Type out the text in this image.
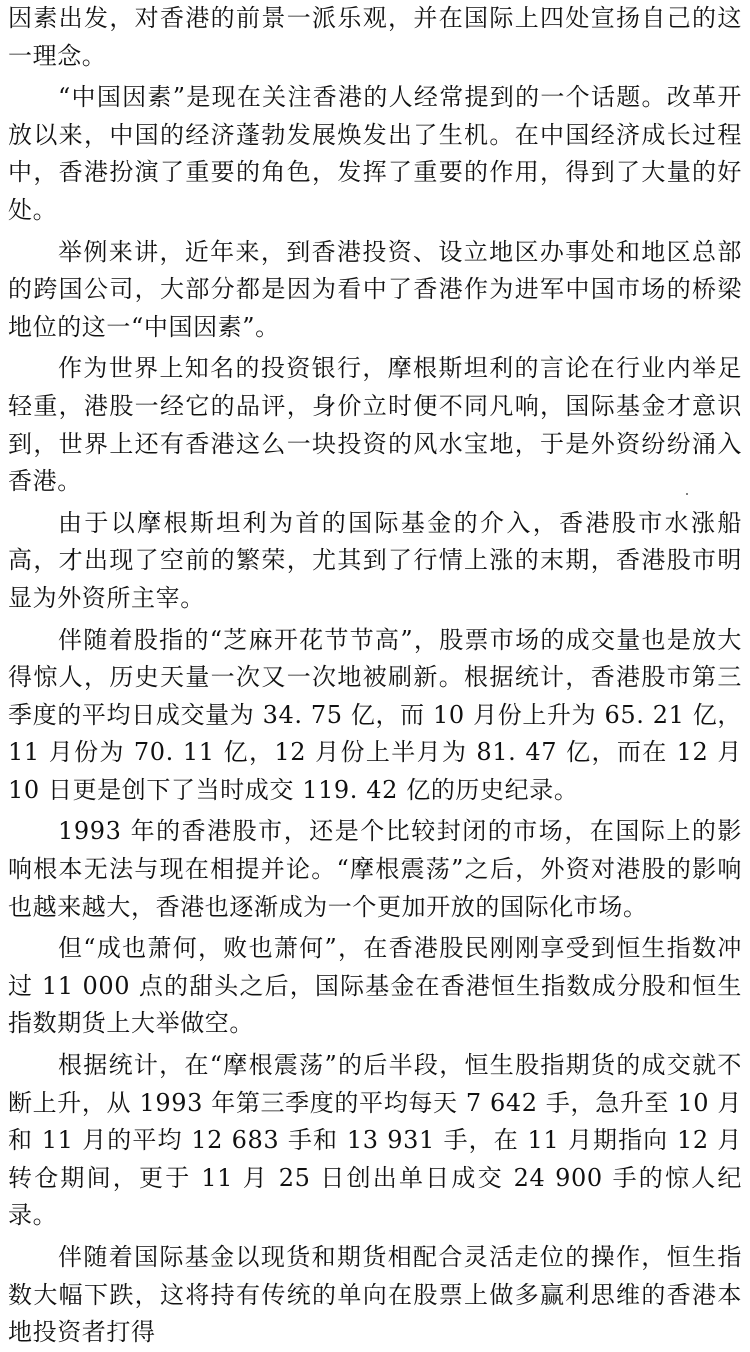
因素出发，对香港的前景一派乐观，并在国际上四处宣扬自己的这一理念。

“中国因素”是现在关注香港的人经常提到的一个话题。改革开放以来，中国的经济蓬勃发展焕发出了生机。在中国经济成长过程中，香港扮演了重要的角色，发挥了重要的作用，得到了大量的好处。

举例来讲，近年来，到香港投资、设立地区办事处和地区总部的跨国公司，大部分都是因为看中了香港作为进军中国市场的桥梁地位的这一“中国因素”。

作为世界上知名的投资银行，摩根斯坦利的言论在行业内举足轻重，港股一经它的品评，身价立时便不同凡响，国际基金才意识到，世界上还有香港这么一块投资的风水宝地，于是外资纷纷涌入香港。

由于以摩根斯坦利为首的国际基金的介入，香港股市水涨船高，才出现了空前的繁荣，尤其到了行情上涨的末期，香港股市明显为外资所主宰。

伴随着股指的“芝麻开花节节高”，股票市场的成交量也是放大得惊人，历史天量一次又一次地被刷新。根据统计，香港股市第三季度的平均日成交量为 34. 75 亿，而 10 月份上升为 65. 21 亿，11 月份为 70. 11 亿，12 月份上半月为 81. 47 亿，而在 12 月 10 日更是创下了当时成交 119. 42 亿的历史纪录。

1993 年的香港股市，还是个比较封闭的市场，在国际上的影响根本无法与现在相提并论。“摩根震荡”之后，外资对港股的影响也越来越大，香港也逐渐成为一个更加开放的国际化市场。

但“成也萧何，败也萧何”，在香港股民刚刚享受到恒生指数冲过 11 000 点的甜头之后，国际基金在香港恒生指数成分股和恒生指数期货上大举做空。

根据统计，在“摩根震荡”的后半段，恒生股指期货的成交就不断上升，从 1993 年第三季度的平均每天 7 642 手，急升至 10 月和 11 月的平均 12 683 手和 13 931 手，在 11 月期指向 12 月转仓期间，更于 11 月 25 日创出单日成交 24 900 手的惊人纪录。

伴随着国际基金以现货和期货相配合灵活走位的操作，恒生指数大幅下跌，这将持有传统的单向在股票上做多赢利思维的香港本地投资者打得
